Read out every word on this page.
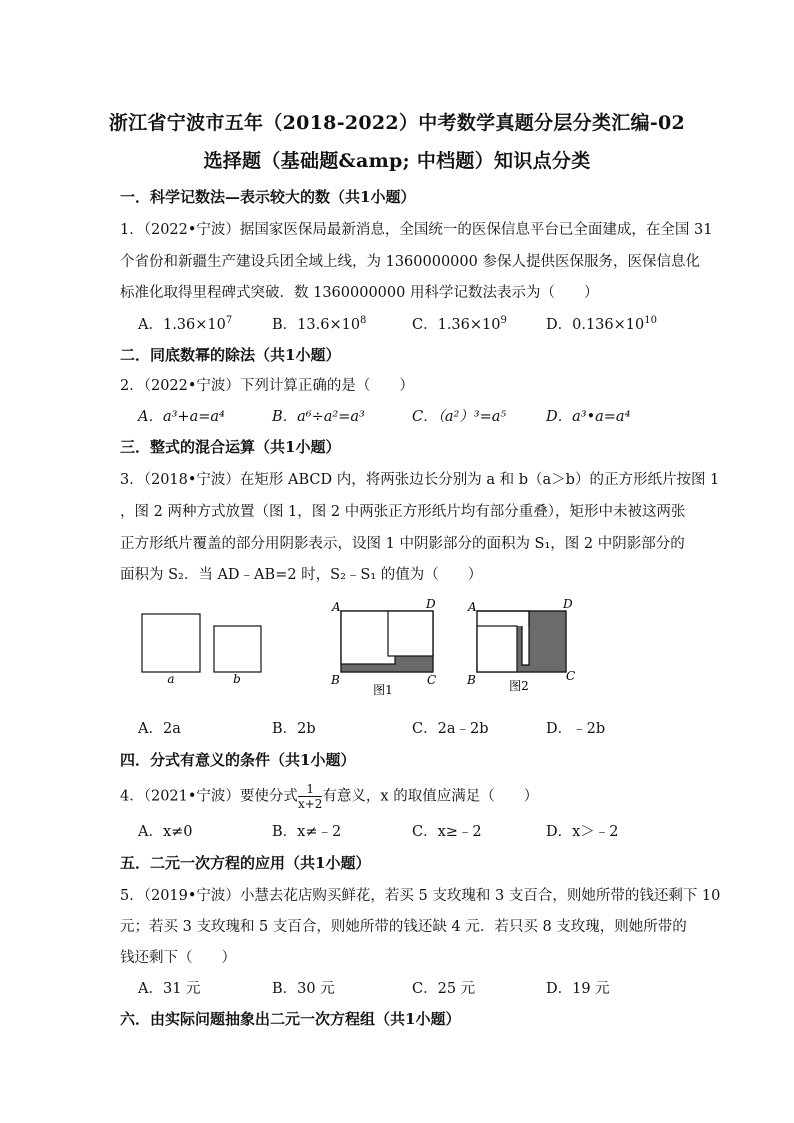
浙江省宁波市五年（2018-2022）中考数学真题分层分类汇编-02
选择题（基础题&amp; 中档题）知识点分类
一．科学记数法—表示较大的数（共1小题）
1．（2022•宁波）据国家医保局最新消息，全国统一的医保信息平台已全面建成，在全国 31
个省份和新疆生产建设兵团全域上线，为 1360000000 参保人提供医保服务，医保信息化
标准化取得里程碑式突破．数 1360000000 用科学记数法表示为（　　）
A．$1.36\times 10^7$	B．$13.6\times 10^8$	C．$1.36\times 10^9$	D．$0.136\times 10^{10}$
二．同底数幂的除法（共1小题）
2．（2022•宁波）下列计算正确的是（　　）
A．a³+a=a⁴	B．a⁶÷a²=a³	C．（a²）³=a⁵	D．a³•a=a⁴
三．整式的混合运算（共1小题）
3．（2018•宁波）在矩形 ABCD 内，将两张边长分别为 a 和 b（a＞b）的正方形纸片按图 1
，图 2 两种方式放置（图 1，图 2 中两张正方形纸片均有部分重叠），矩形中未被这两张
正方形纸片覆盖的部分用阴影表示，设图 1 中阴影部分的面积为 S₁，图 2 中阴影部分的
面积为 S₂．当 AD﹣AB=2 时，S₂﹣S₁ 的值为（　　）
a	b
A	D
B	C
图1
A	D
B	C
图2
A．2a	B．2b	C．2a﹣2b	D．﹣2b
四．分式有意义的条件（共1小题）
4．（2021•宁波）要使分式 $\frac{1}{x+2}$ 有意义，x 的取值应满足（　　）
A．x≠0	B．x≠﹣2	C．x≥﹣2	D．x＞﹣2
五．二元一次方程的应用（共1小题）
5．（2019•宁波）小慧去花店购买鲜花，若买 5 支玫瑰和 3 支百合，则她所带的钱还剩下 10
元；若买 3 支玫瑰和 5 支百合，则她所带的钱还缺 4 元．若只买 8 支玫瑰，则她所带的
钱还剩下（　　）
A．31 元	B．30 元	C．25 元	D．19 元
六．由实际问题抽象出二元一次方程组（共1小题）
